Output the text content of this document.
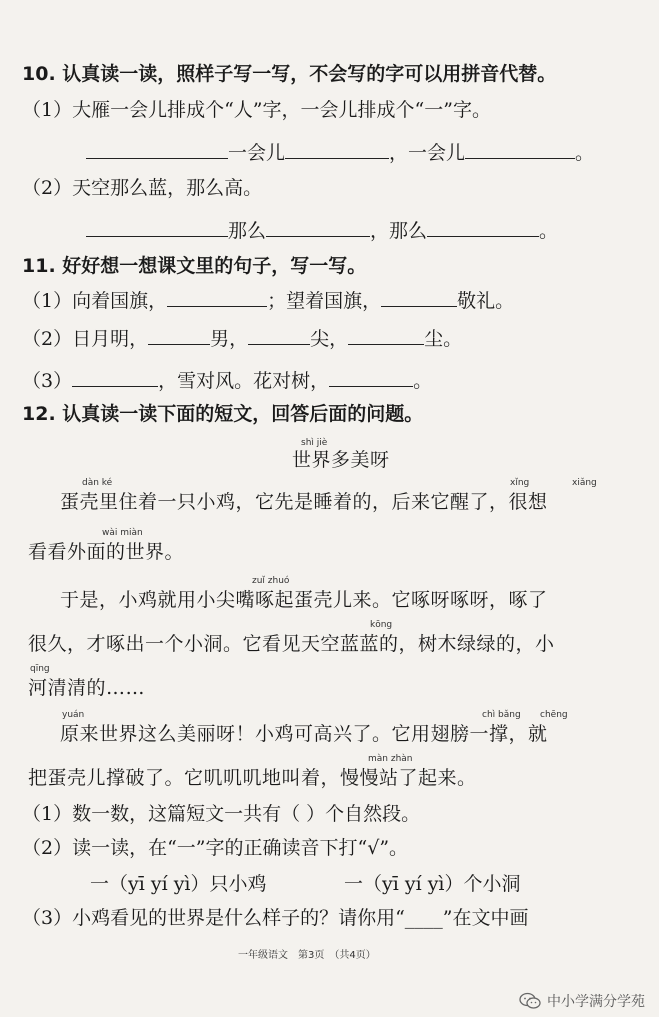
10. 认真读一读，照样子写一写，不会写的字可以用拼音代替。
（1）大雁一会儿排成个“人”字，一会儿排成个“一”字。
一会儿	，一会儿	。
（2）天空那么蓝，那么高。
那么	，那么	。
11. 好好想一想课文里的句子，写一写。
（1）向着国旗，	；望着国旗，	敬礼。
（2）日月明，	男，	尖，	尘。
（3）	，雪对风。花对树，	。
12. 认真读一读下面的短文，回答后面的问题。
shì jiè
世界多美呀
dàn ké	xǐng	xiǎng
蛋壳里住着一只小鸡，它先是睡着的，后来它醒了，很想
wài miàn
看看外面的世界。
zuǐ zhuó
于是，小鸡就用小尖嘴啄起蛋壳儿来。它啄呀啄呀，啄了
kōng
很久，才啄出一个小洞。它看见天空蓝蓝的，树木绿绿的，小
qīng
河清清的……
yuán	chì bǎng chēng
原来世界这么美丽呀！小鸡可高兴了。它用翅膀一撑，就
màn zhàn
把蛋壳儿撑破了。它叽叽叽地叫着，慢慢站了起来。
（1）数一数，这篇短文一共有（ ）个自然段。
（2）读一读，在“一”字的正确读音下打“√”。
一（yī yí yì）只小鸡	一（yī yí yì）个小洞
（3）小鸡看见的世界是什么样子的？请你用“____”在文中画
一年级语文　第3页　（共4页）
中小学满分学苑
